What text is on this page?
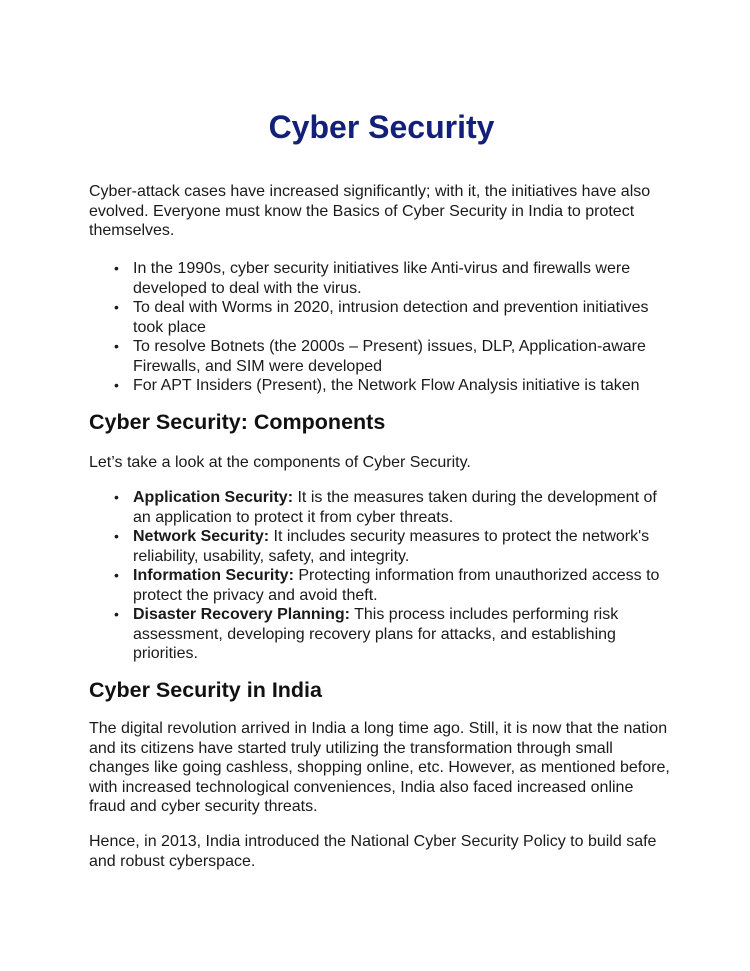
Cyber Security

Cyber-attack cases have increased significantly; with it, the initiatives have also evolved. Everyone must know the Basics of Cyber Security in India to protect themselves.

• In the 1990s, cyber security initiatives like Anti-virus and firewalls were developed to deal with the virus.
• To deal with Worms in 2020, intrusion detection and prevention initiatives took place
• To resolve Botnets (the 2000s – Present) issues, DLP, Application-aware Firewalls, and SIM were developed
• For APT Insiders (Present), the Network Flow Analysis initiative is taken
Cyber Security: Components

Let’s take a look at the components of Cyber Security.

• Application Security: It is the measures taken during the development of an application to protect it from cyber threats.
• Network Security: It includes security measures to protect the network's reliability, usability, safety, and integrity.
• Information Security: Protecting information from unauthorized access to protect the privacy and avoid theft.
• Disaster Recovery Planning: This process includes performing risk assessment, developing recovery plans for attacks, and establishing priorities.
Cyber Security in India

The digital revolution arrived in India a long time ago. Still, it is now that the nation and its citizens have started truly utilizing the transformation through small changes like going cashless, shopping online, etc. However, as mentioned before, with increased technological conveniences, India also faced increased online fraud and cyber security threats.

Hence, in 2013, India introduced the National Cyber Security Policy to build safe and robust cyberspace.
